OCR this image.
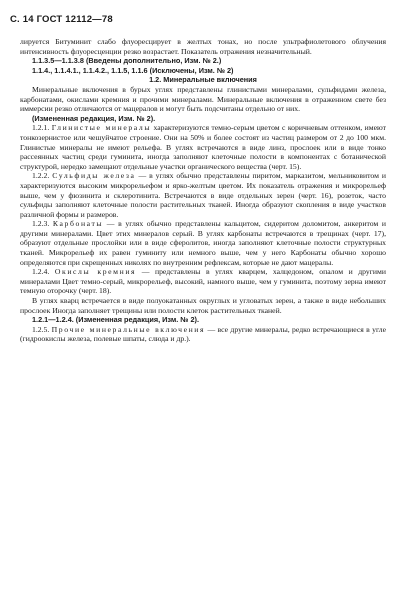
С. 14 ГОСТ 12112—78

лируется Битуминит слабо флуоресцирует в желтых тонах, но после ультрафиолетового облучения интенсивность флуоресценции резко возрастает. Показатель отражения незначительный.

1.1.3.5—1.1.3.8 (Введены дополнительно, Изм. № 2.)

1.1.4., 1.1.4.1., 1.1.4.2., 1.1.5, 1.1.6 (Исключены, Изм. № 2)

1.2. Минеральные включения

Минеральные включения в бурых углях представлены глинистыми минералами, сульфидами железа, карбонатами, окислами кремния и прочими минералами. Минеральные включения в отраженном свете без иммерсии резко отличаются от мацералов и могут быть подсчитаны отдельно от них.

(Измененная редакция, Изм. № 2).

1.2.1. Глинистые минералы характеризуются темно-серым цветом с коричневым оттенком, имеют тонкозернистое или чешуйчатое строение. Они на 50% и более состоят из частиц размером от 2 до 100 мкм. Глинистые минералы не имеют рельефа. В углях встречаются в виде линз, прослоек или в виде тонко рассеянных частиц среди гуминита, иногда заполняют клеточные полости в компонентах с ботанической структурой, нередко замещают отдельные участки органического вещества (черт. 15).

1.2.2. Сульфиды железа — в углях обычно представлены пиритом, марказитом, мельниковитом и характеризуются высоким микрорельефом и ярко-желтым цветом. Их показатель отражения и микрорельеф выше, чем у фюзинита и склеротинита. Встречаются в виде отдельных зерен (черт. 16), розеток, часто сульфиды заполняют клеточные полости растительных тканей. Иногда образуют скопления в виде участков различной формы и размеров.

1.2.3. Карбонаты — в углях обычно представлены кальцитом, сидеритом доломитом, анкеритом и другими минералами. Цвет этих минералов серый. В углях карбонаты встречаются в трещинах (черт. 17), образуют отдельные прослойки или в виде сферолитов, иногда заполняют клеточные полости структурных тканей. Микрорельеф их равен гуминиту или немного выше, чем у него Карбонаты обычно хорошо определяются при скрещенных николях по внутренним рефлексам, которые не дают мацералы.

1.2.4. Окислы кремния — представлены в углях кварцем, халцедоном, опалом и другими минералами Цвет темно-серый, микрорельеф, высокий, намного выше, чем у гуминита, поэтому зерна имеют темную оторочку (черт. 18).

В углях кварц встречается в виде полуокатанных округлых и угловатых зерен, а также в виде небольших прослоек Иногда заполняет трещины или полости клеток растительных тканей.

1.2.1—1.2.4. (Измененная редакция, Изм. № 2).

1.2.5. Прочие минеральные включения — все другие минералы, редко встречающиеся в угле (гидроокислы железа, полевые шпаты, слюда и др.).
